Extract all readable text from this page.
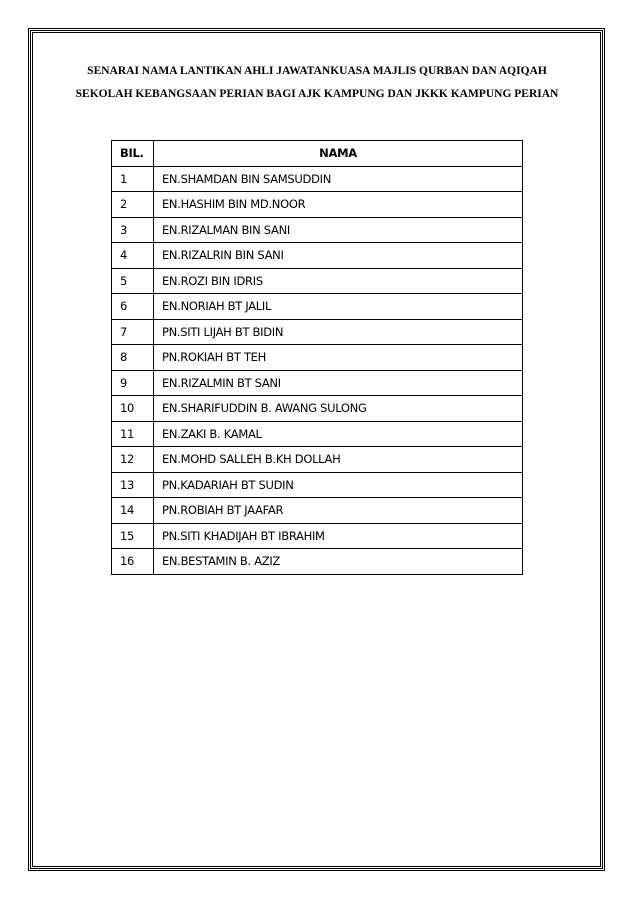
SENARAI NAMA LANTIKAN AHLI JAWATANKUASA MAJLIS QURBAN DAN AQIQAH
SEKOLAH KEBANGSAAN PERIAN BAGI AJK KAMPUNG DAN JKKK KAMPUNG PERIAN
BIL.	NAMA
1	EN.SHAMDAN BIN SAMSUDDIN
2	EN.HASHIM BIN MD.NOOR
3	EN.RIZALMAN BIN SANI
4	EN.RIZALRIN BIN SANI
5	EN.ROZI BIN IDRIS
6	EN.NORIAH BT JALIL
7	PN.SITI LIJAH BT BIDIN
8	PN.ROKIAH BT TEH
9	EN.RIZALMIN BT SANI
10	EN.SHARIFUDDIN B. AWANG SULONG
11	EN.ZAKI B. KAMAL
12	EN.MOHD SALLEH B.KH DOLLAH
13	PN.KADARIAH BT SUDIN
14	PN.ROBIAH BT JAAFAR
15	PN.SITI KHADIJAH BT IBRAHIM
16	EN.BESTAMIN B. AZIZ
